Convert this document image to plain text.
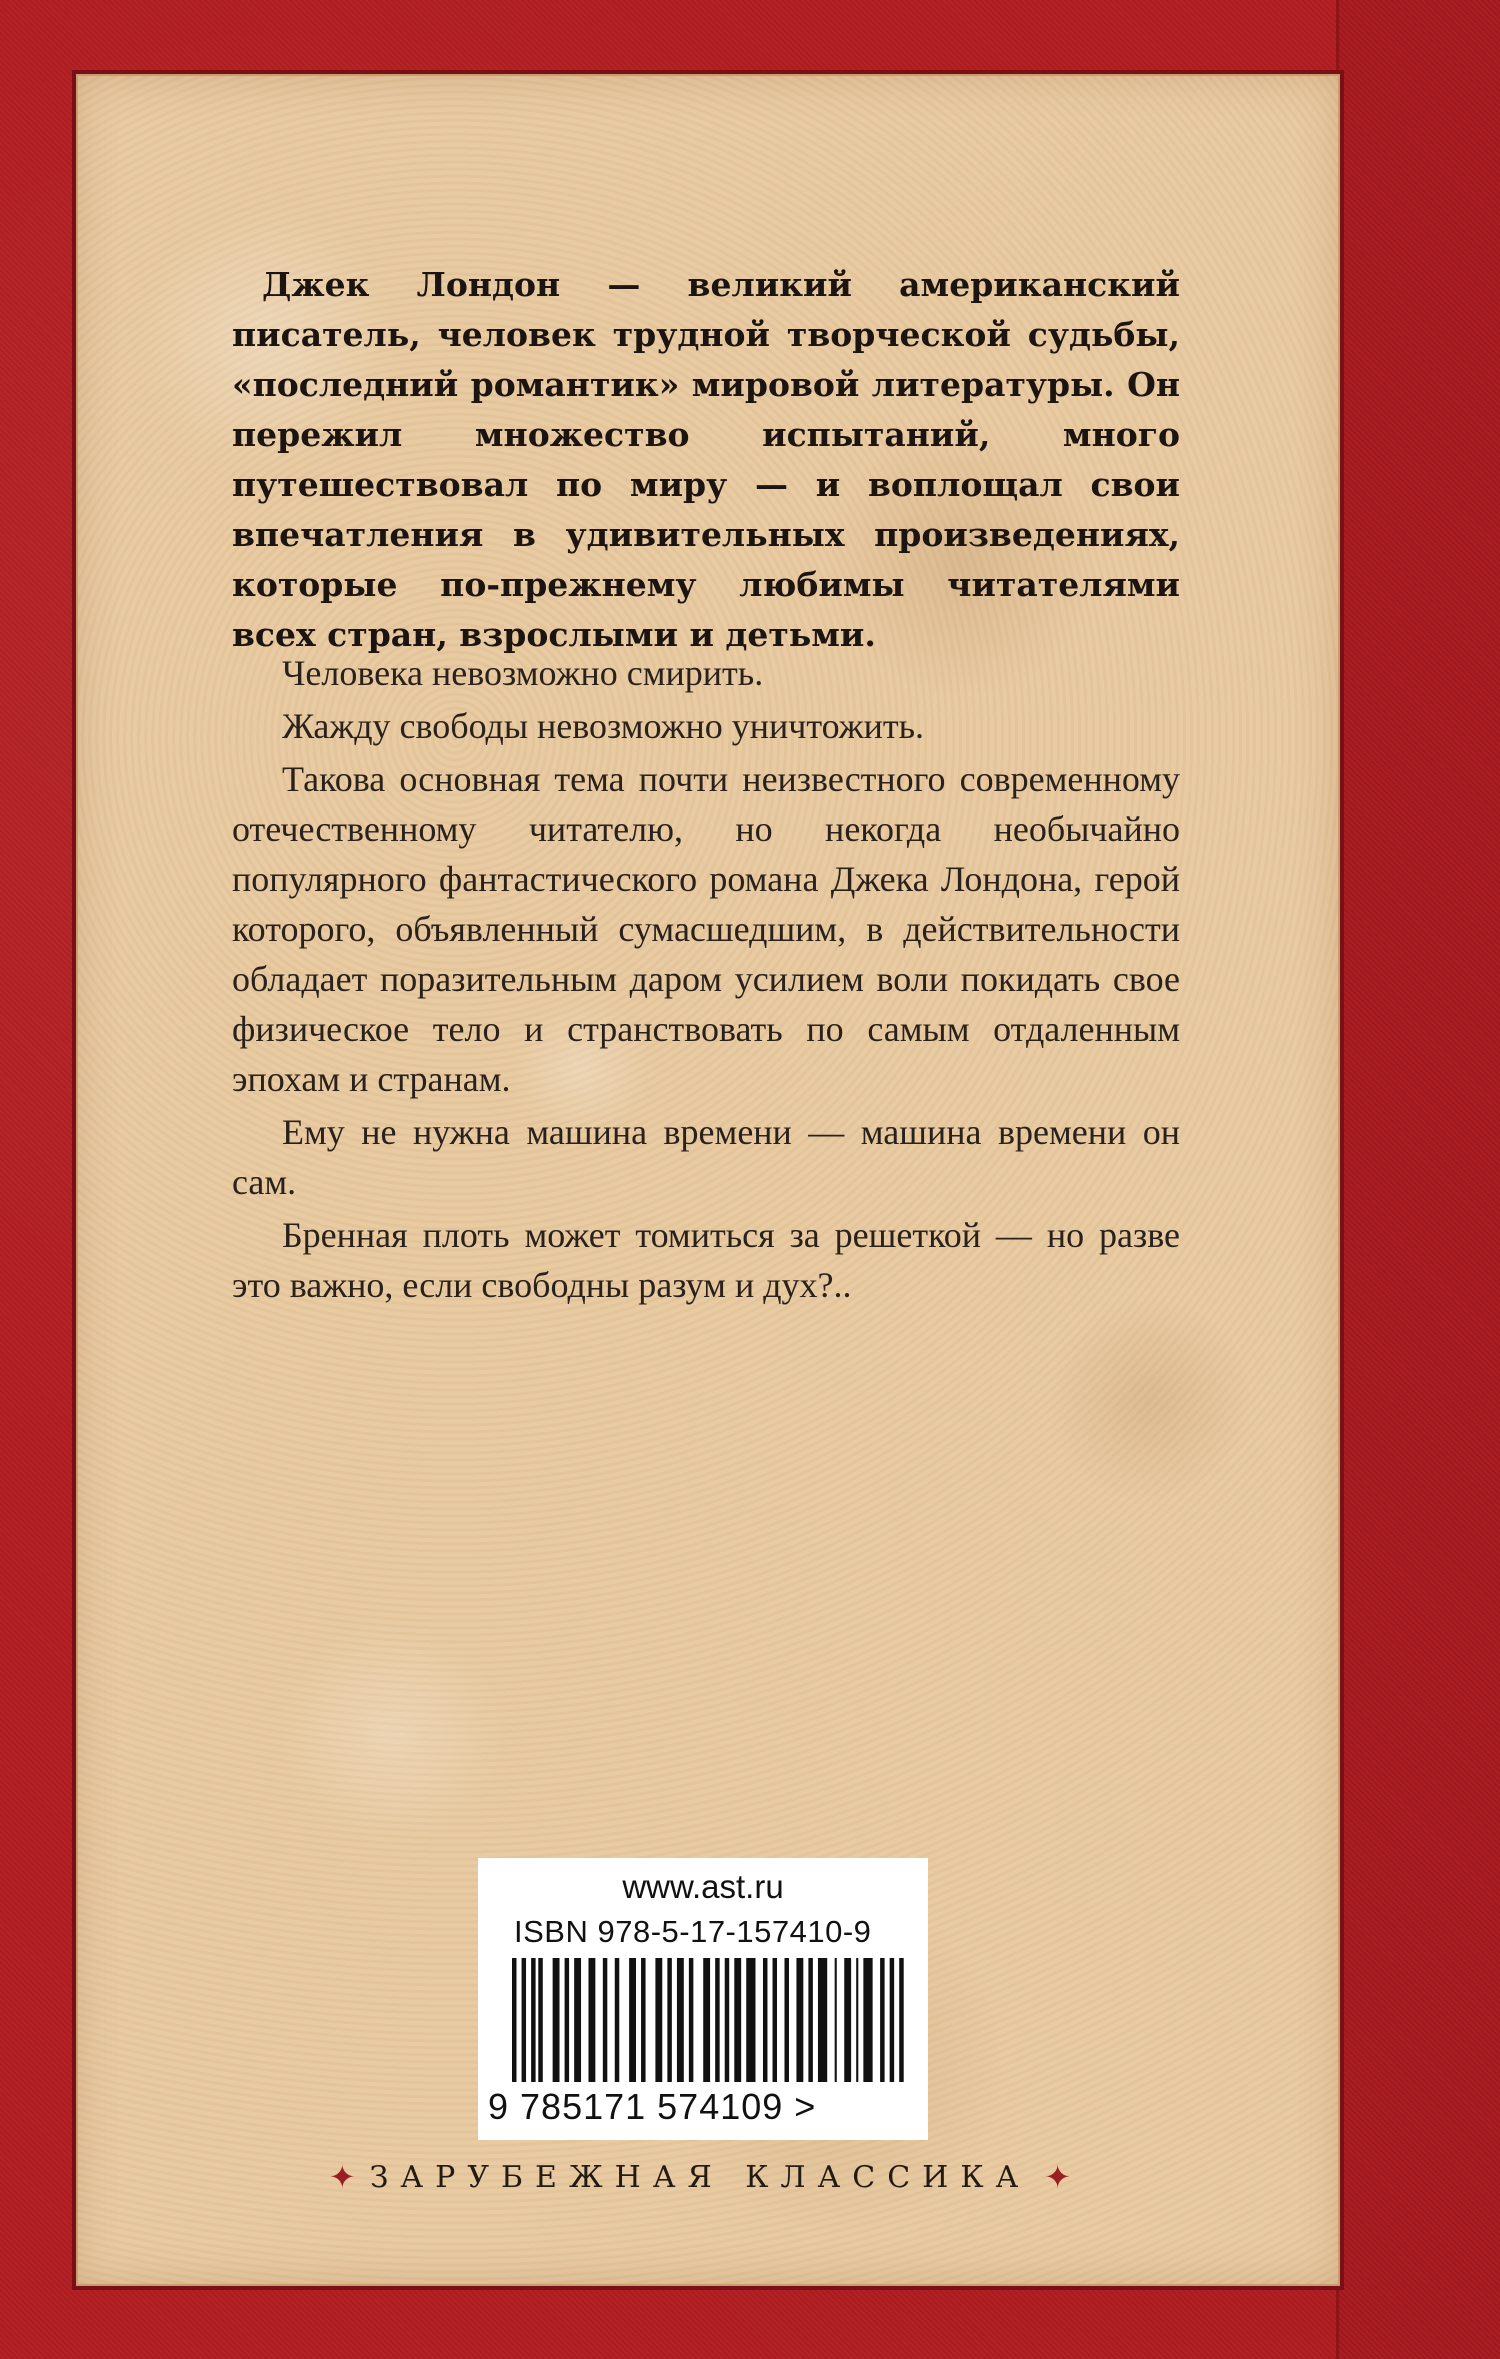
Джек Лондон — великий американский писатель, человек трудной творческой судьбы, «последний романтик» мировой литературы. Он пережил множество испытаний, много путешествовал по миру — и воплощал свои впечатления в удивительных произведениях, которые по-прежнему любимы читателями всех стран, взрослыми и детьми.

Человека невозможно смирить.

Жажду свободы невозможно уничтожить.

Такова основная тема почти неизвестного современному отечественному читателю, но некогда необычайно популярного фантастического романа Джека Лондона, герой которого, объявленный сумасшедшим, в действительности обладает поразительным даром усилием воли покидать свое физическое тело и странствовать по самым отдаленным эпохам и странам.

Ему не нужна машина времени — машина времени он сам.

Бренная плоть может томиться за решеткой — но разве это важно, если свободны разум и дух?..

www.ast.ru
ISBN 978-5-17-157410-9
9 785171 574109 >
✦ ЗАРУБЕЖНАЯ КЛАССИКА ✦
